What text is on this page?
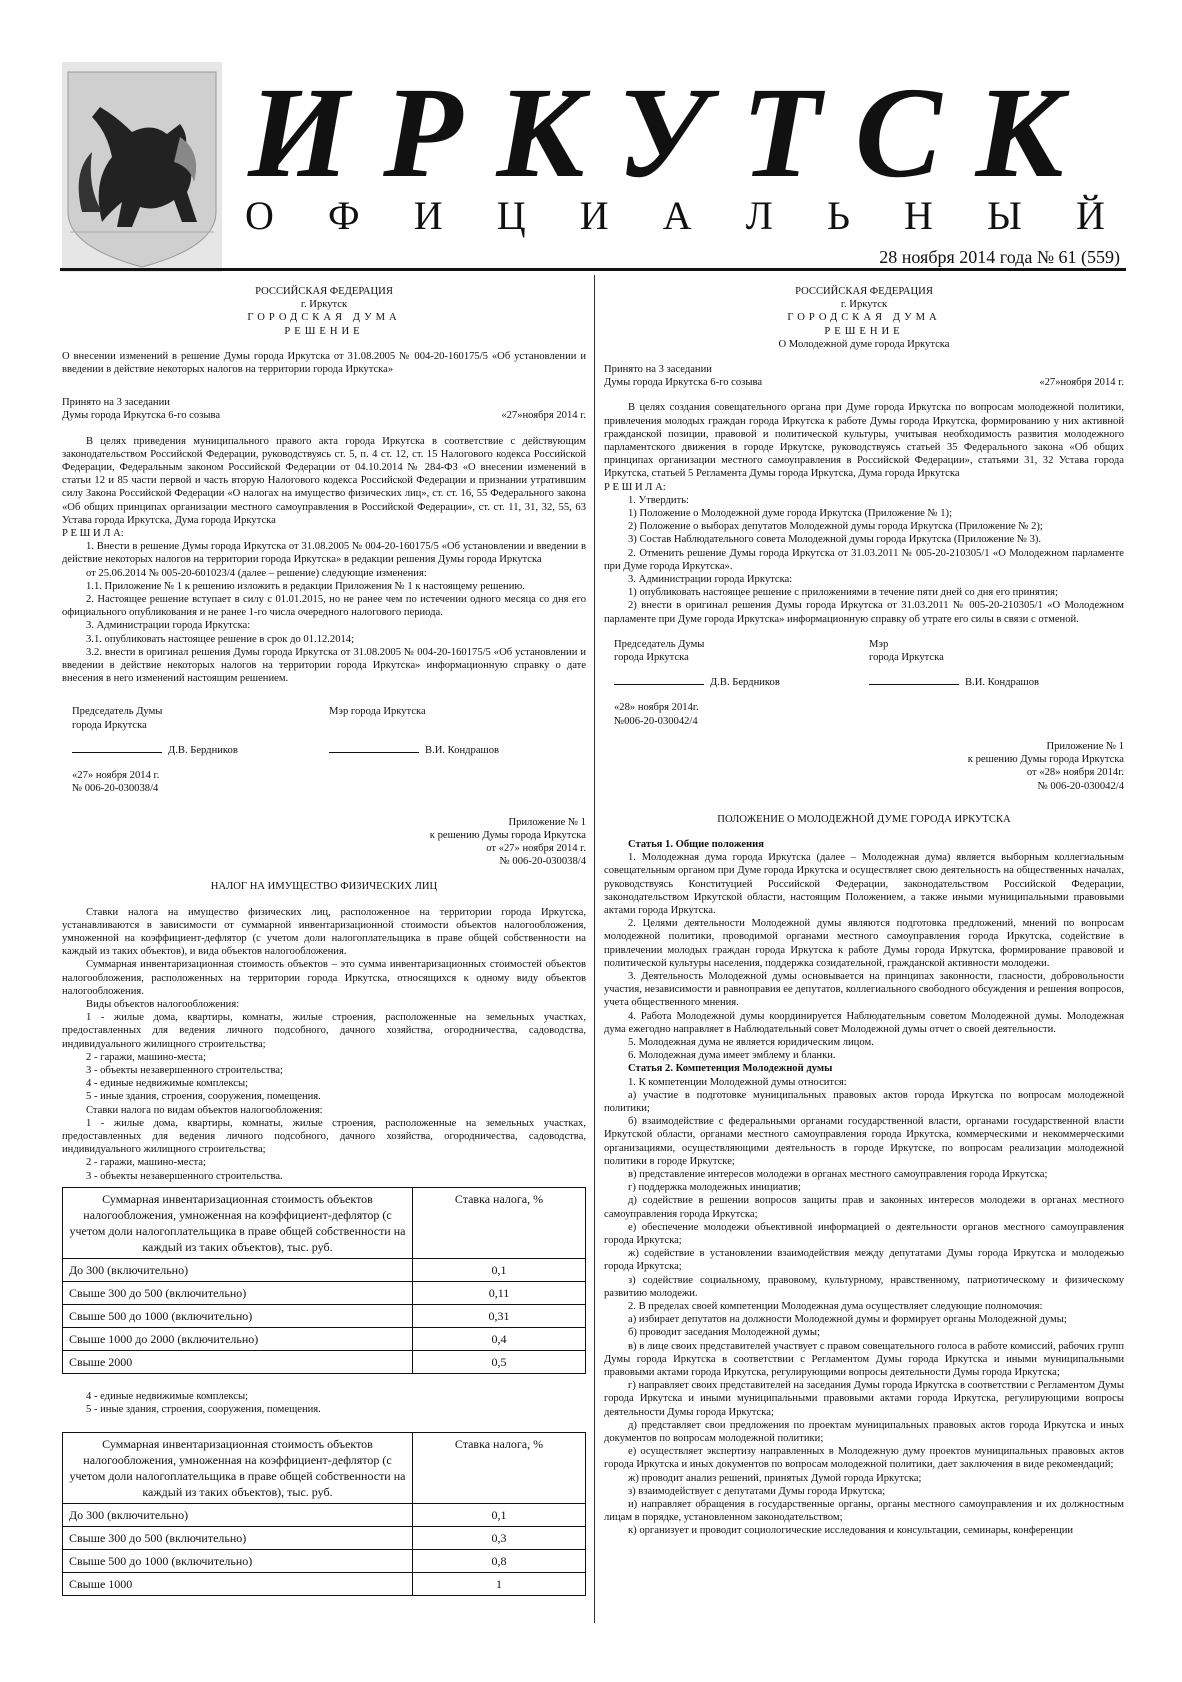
ИРКУТСК
О Ф И Ц И А Л Ь Н Ы Й
28 ноября 2014 года № 61 (559)
РОССИЙСКАЯ ФЕДЕРАЦИЯ
г. Иркутск
ГОРОДСКАЯ ДУМА
РЕШЕНИЕ
О внесении изменений в решение Думы города Иркутска от 31.08.2005 № 004-20-160175/5 «Об установлении и введении в действие некоторых налогов на территории города Иркутска»
Принято на 3 заседании
Думы города Иркутска 6-го созыва	«27»ноября 2014 г.
В целях приведения муниципального правого акта города Иркутска в соответствие с действующим законодательством Российской Федерации, руководствуясь ст. 5, п. 4 ст. 12, ст. 15 Налогового кодекса Российской Федерации, Федеральным законом Российской Федерации от 04.10.2014 № 284-ФЗ «О внесении изменений в статьи 12 и 85 части первой и часть вторую Налогового кодекса Российской Федерации и признании утратившим силу Закона Российской Федерации «О налогах на имущество физических лиц», ст. ст. 16, 55 Федерального закона «Об общих принципах организации местного самоуправления в Российской Федерации», ст. ст. 11, 31, 32, 55, 63 Устава города Иркутска, Дума города Иркутска
Р Е Ш И Л А:
1. Внести в решение Думы города Иркутска от 31.08.2005 № 004-20-160175/5 «Об установлении и введении в действие некоторых налогов на территории города Иркутска» в редакции решения Думы города Иркутска
от 25.06.2014 № 005-20-601023/4 (далее – решение) следующие изменения:
1.1. Приложение № 1 к решению изложить в редакции Приложения № 1 к настоящему решению.
2. Настоящее решение вступает в силу с 01.01.2015, но не ранее чем по истечении одного месяца со дня его официального опубликования и не ранее 1-го числа очередного налогового периода.
3. Администрации города Иркутска:
3.1. опубликовать настоящее решение в срок до 01.12.2014;
3.2. внести в оригинал решения Думы города Иркутска от 31.08.2005 № 004-20-160175/5 «Об установлении и введении в действие некоторых налогов на территории города Иркутска» информационную справку о дате внесения в него изменений настоящим решением.
Председатель Думы
города Иркутска
Мэр города Иркутска
Д.В. Бердников	В.И. Кондрашов
«27» ноября 2014 г.
№ 006-20-030038/4
Приложение № 1
к решению Думы города Иркутска
от «27» ноября 2014 г.
№ 006-20-030038/4
НАЛОГ НА ИМУЩЕСТВО ФИЗИЧЕСКИХ ЛИЦ
Ставки налога на имущество физических лиц, расположенное на территории города Иркутска, устанавливаются в зависимости от суммарной инвентаризационной стоимости объектов налогообложения, умноженной на коэффициент-дефлятор (с учетом доли налогоплательщика в праве общей собственности на каждый из таких объектов), и вида объектов налогообложения.
Суммарная инвентаризационная стоимость объектов – это сумма инвентаризационных стоимостей объектов налогообложения, расположенных на территории города Иркутска, относящихся к одному виду объектов налогообложения.
Виды объектов налогообложения:
1 - жилые дома, квартиры, комнаты, жилые строения, расположенные на земельных участках, предоставленных для ведения личного подсобного, дачного хозяйства, огородничества, садоводства, индивидуального жилищного строительства;
2 - гаражи, машино-места;
3 - объекты незавершенного строительства;
4 - единые недвижимые комплексы;
5 - иные здания, строения, сооружения, помещения.
Ставки налога по видам объектов налогообложения:
1 - жилые дома, квартиры, комнаты, жилые строения, расположенные на земельных участках, предоставленных для ведения личного подсобного, дачного хозяйства, огородничества, садоводства, индивидуального жилищного строительства;
2 - гаражи, машино-места;
3 - объекты незавершенного строительства.
Суммарная инвентаризационная стоимость объектов налогообложения, умноженная на коэффициент-дефлятор (с учетом доли налогоплательщика в праве общей собственности на каждый из таких объектов), тыс. руб.	Ставка налога, %
До 300 (включительно)	0,1
Свыше 300 до 500 (включительно)	0,11
Свыше 500 до 1000 (включительно)	0,31
Свыше 1000 до 2000 (включительно)	0,4
Свыше 2000	0,5
4 - единые недвижимые комплексы;
5 - иные здания, строения, сооружения, помещения.
Суммарная инвентаризационная стоимость объектов налогообложения, умноженная на коэффициент-дефлятор (с учетом доли налогоплательщика в праве общей собственности на каждый из таких объектов), тыс. руб.	Ставка налога, %
До 300 (включительно)	0,1
Свыше 300 до 500 (включительно)	0,3
Свыше 500 до 1000 (включительно)	0,8
Свыше 1000	1
РОССИЙСКАЯ ФЕДЕРАЦИЯ
г. Иркутск
ГОРОДСКАЯ ДУМА
РЕШЕНИЕ
О Молодежной думе города Иркутска
Принято на 3 заседании
Думы города Иркутска 6-го созыва	«27»ноября 2014 г.
В целях создания совещательного органа при Думе города Иркутска по вопросам молодежной политики, привлечения молодых граждан города Иркутска к работе Думы города Иркутска, формированию у них активной гражданской позиции, правовой и политической культуры, учитывая необходимость развития молодежного парламентского движения в городе Иркутске, руководствуясь статьей 35 Федерального закона «Об общих принципах организации местного самоуправления в Российской Федерации», статьями 31, 32 Устава города Иркутска, статьей 5 Регламента Думы города Иркутска, Дума города Иркутска
Р Е Ш И Л А:
1. Утвердить:
1) Положение о Молодежной думе города Иркутска (Приложение № 1);
2) Положение о выборах депутатов Молодежной думы города Иркутска (Приложение № 2);
3) Состав Наблюдательного совета Молодежной думы города Иркутска (Приложение № 3).
2. Отменить решение Думы города Иркутска от 31.03.2011 № 005-20-210305/1 «О Молодежном парламенте при Думе города Иркутска».
3. Администрации города Иркутска:
1) опубликовать настоящее решение с приложениями в течение пяти дней со дня его принятия;
2) внести в оригинал решения Думы города Иркутска от 31.03.2011 № 005-20-210305/1 «О Молодежном парламенте при Думе города Иркутска» информационную справку об утрате его силы в связи с отменой.
Председатель Думы
города Иркутска
Мэр
города Иркутска
Д.В. Бердников	В.И. Кондрашов
«28» ноября 2014г.
№006-20-030042/4
Приложение № 1
к решению Думы города Иркутска
от «28» ноября 2014г.
№ 006-20-030042/4
ПОЛОЖЕНИЕ О МОЛОДЕЖНОЙ ДУМЕ ГОРОДА ИРКУТСКА
Статья 1. Общие положения
1. Молодежная дума города Иркутска (далее – Молодежная дума) является выборным коллегиальным совещательным органом при Думе города Иркутска и осуществляет свою деятельность на общественных началах, руководствуясь Конституцией Российской Федерации, законодательством Российской Федерации, законодательством Иркутской области, настоящим Положением, а также иными муниципальными правовыми актами города Иркутска.
2. Целями деятельности Молодежной думы являются подготовка предложений, мнений по вопросам молодежной политики, проводимой органами местного самоуправления города Иркутска, содействие в привлечении молодых граждан города Иркутска к работе Думы города Иркутска, формирование правовой и политической культуры населения, поддержка созидательной, гражданской активности молодежи.
3. Деятельность Молодежной думы основывается на принципах законности, гласности, добровольности участия, независимости и равноправия ее депутатов, коллегиального свободного обсуждения и решения вопросов, учета общественного мнения.
4. Работа Молодежной думы координируется Наблюдательным советом Молодежной думы. Молодежная дума ежегодно направляет в Наблюдательный совет Молодежной думы отчет о своей деятельности.
5. Молодежная дума не является юридическим лицом.
6. Молодежная дума имеет эмблему и бланки.
Статья 2. Компетенция Молодежной думы
1. К компетенции Молодежной думы относится:
а) участие в подготовке муниципальных правовых актов города Иркутска по вопросам молодежной политики;
б) взаимодействие с федеральными органами государственной власти, органами государственной власти Иркутской области, органами местного самоуправления города Иркутска, коммерческими и некоммерческими организациями, осуществляющими деятельность в городе Иркутске, по вопросам реализации молодежной политики в городе Иркутске;
в) представление интересов молодежи в органах местного самоуправления города Иркутска;
г) поддержка молодежных инициатив;
д) содействие в решении вопросов защиты прав и законных интересов молодежи в органах местного самоуправления города Иркутска;
е) обеспечение молодежи объективной информацией о деятельности органов местного самоуправления города Иркутска;
ж) содействие в установлении взаимодействия между депутатами Думы города Иркутска и молодежью города Иркутска;
з) содействие социальному, правовому, культурному, нравственному, патриотическому и физическому развитию молодежи.
2. В пределах своей компетенции Молодежная дума осуществляет следующие полномочия:
а) избирает депутатов на должности Молодежной думы и формирует органы Молодежной думы;
б) проводит заседания Молодежной думы;
в) в лице своих представителей участвует с правом совещательного голоса в работе комиссий, рабочих групп Думы города Иркутска в соответствии с Регламентом Думы города Иркутска и иными муниципальными правовыми актами города Иркутска, регулирующими вопросы деятельности Думы города Иркутска;
г) направляет своих представителей на заседания Думы города Иркутска в соответствии с Регламентом Думы города Иркутска и иными муниципальными правовыми актами города Иркутска, регулирующими вопросы деятельности Думы города Иркутска;
д) представляет свои предложения по проектам муниципальных правовых актов города Иркутска и иных документов по вопросам молодежной политики;
е) осуществляет экспертизу направленных в Молодежную думу проектов муниципальных правовых актов города Иркутска и иных документов по вопросам молодежной политики, дает заключения в виде рекомендаций;
ж) проводит анализ решений, принятых Думой города Иркутска;
з) взаимодействует с депутатами Думы города Иркутска;
и) направляет обращения в государственные органы, органы местного самоуправления и их должностным лицам в порядке, установленном законодательством;
к) организует и проводит социологические исследования и консультации, семинары, конференции
